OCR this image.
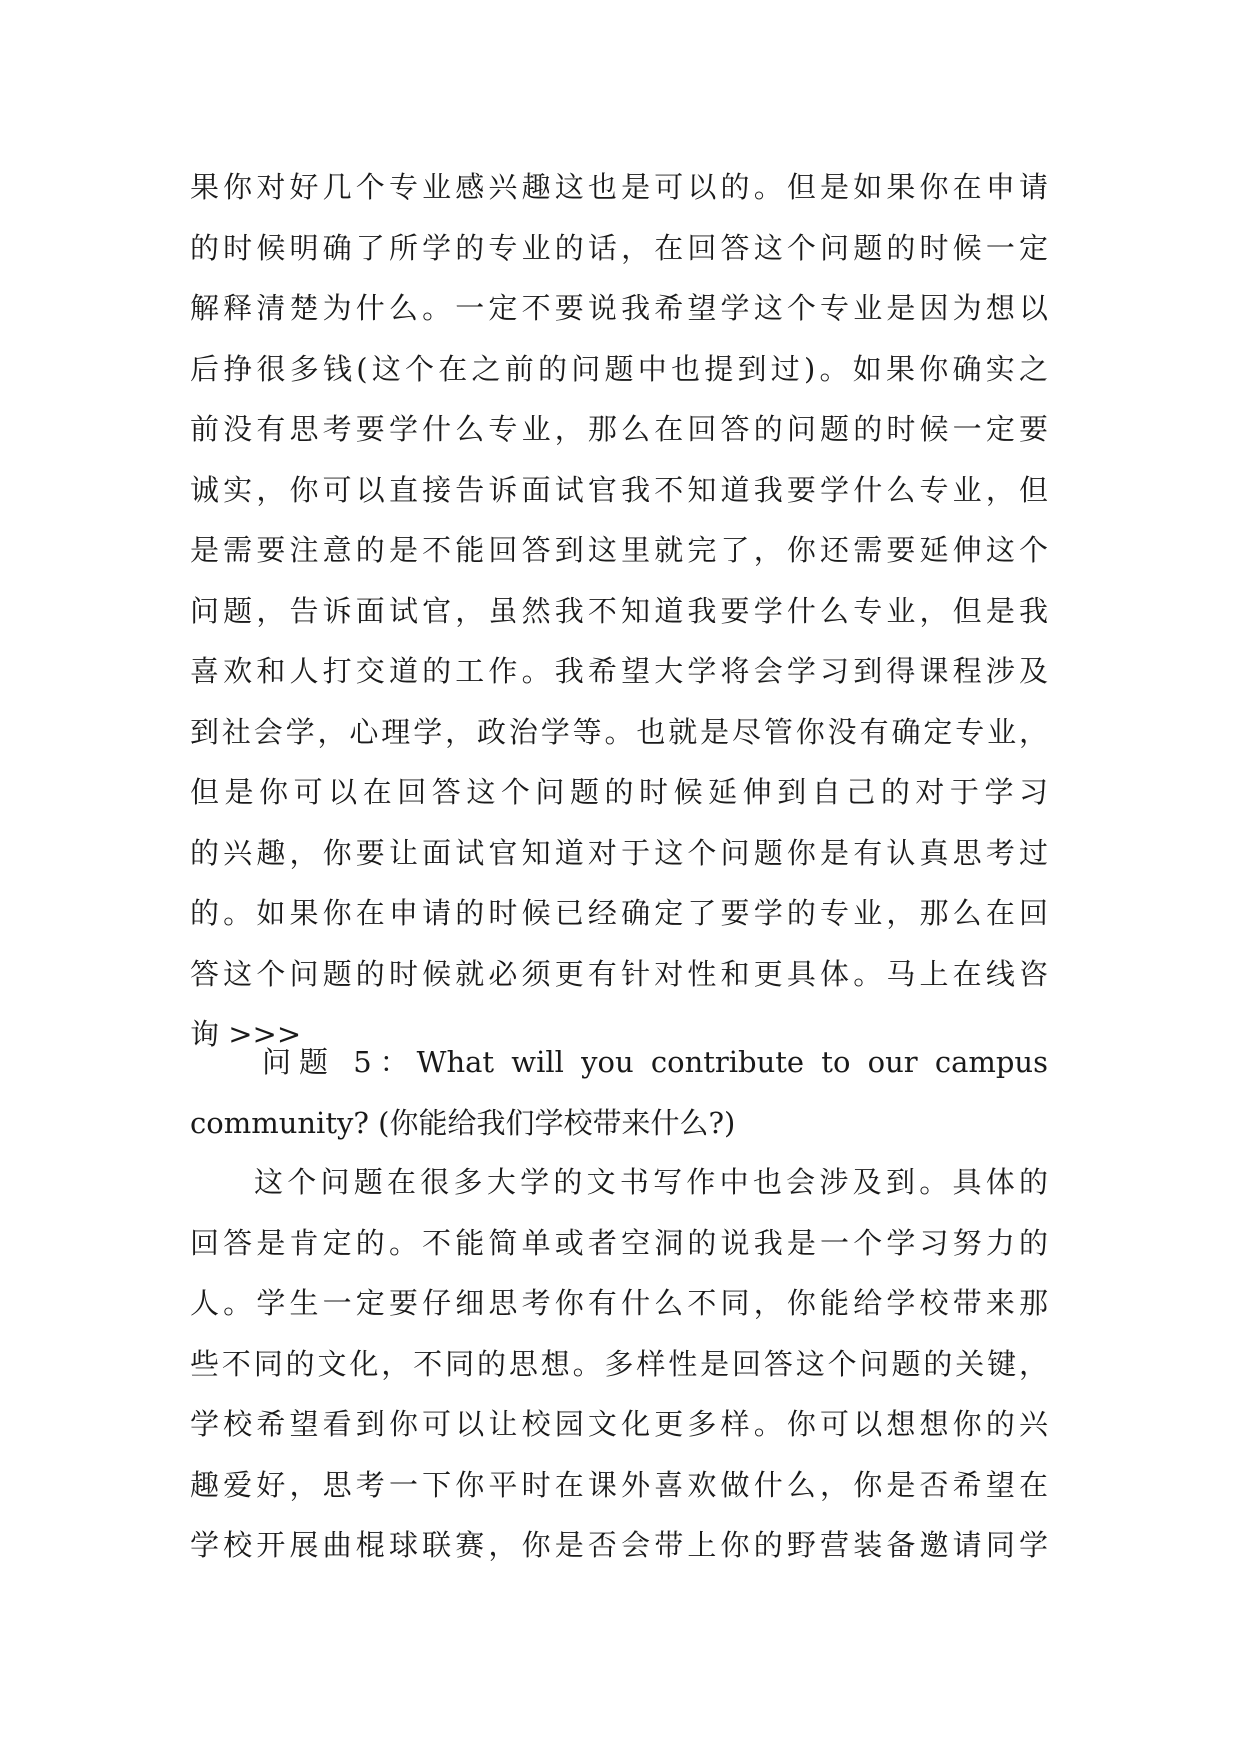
果你对好几个专业感兴趣这也是可以的。但是如果你在申请
的时候明确了所学的专业的话，在回答这个问题的时候一定
解释清楚为什么。一定不要说我希望学这个专业是因为想以
后挣很多钱(这个在之前的问题中也提到过)。如果你确实之
前没有思考要学什么专业，那么在回答的问题的时候一定要
诚实，你可以直接告诉面试官我不知道我要学什么专业，但
是需要注意的是不能回答到这里就完了，你还需要延伸这个
问题，告诉面试官，虽然我不知道我要学什么专业，但是我
喜欢和人打交道的工作。我希望大学将会学习到得课程涉及
到社会学，心理学，政治学等。也就是尽管你没有确定专业，
但是你可以在回答这个问题的时候延伸到自己的对于学习
的兴趣，你要让面试官知道对于这个问题你是有认真思考过
的。如果你在申请的时候已经确定了要学的专业，那么在回
答这个问题的时候就必须更有针对性和更具体。马上在线咨
询 >>>
问题 5：What will you contribute to our campus
community? (你能给我们学校带来什么?)
这个问题在很多大学的文书写作中也会涉及到。具体的
回答是肯定的。不能简单或者空洞的说我是一个学习努力的
人。学生一定要仔细思考你有什么不同，你能给学校带来那
些不同的文化，不同的思想。多样性是回答这个问题的关键，
学校希望看到你可以让校园文化更多样。你可以想想你的兴
趣爱好，思考一下你平时在课外喜欢做什么，你是否希望在
学校开展曲棍球联赛，你是否会带上你的野营装备邀请同学
